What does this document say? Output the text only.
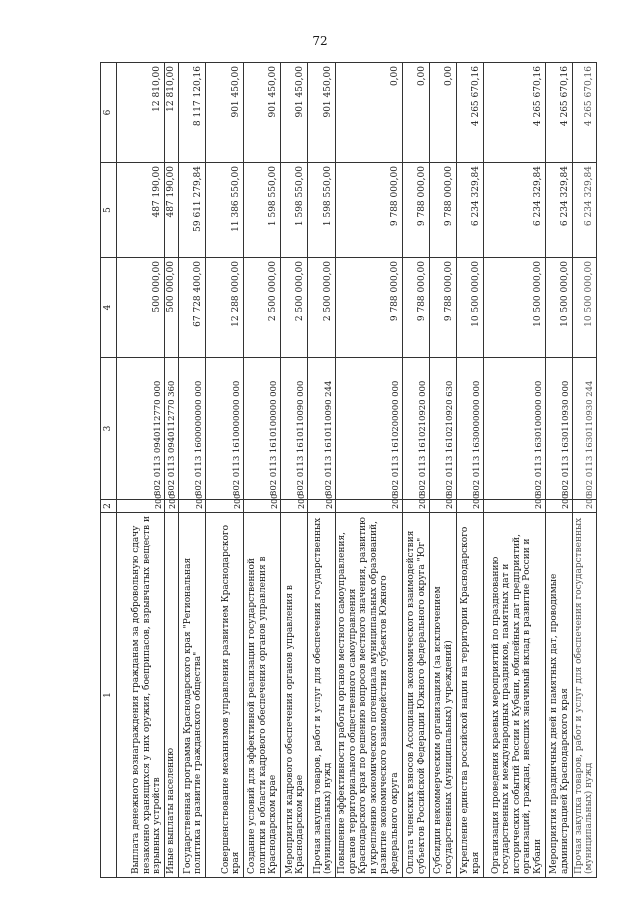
72
1	2	3	4	5	6
Выплата денежного вознаграждения гражданам за добровольную сдачу незаконно хранящихся у них оружия, боеприпасов, взрывчатых веществ и взрывных устройств	200	802 0113 0940112770 000	500 000,00	487 190,00	12 810,00
Иные выплаты населению	200	802 0113 0940112770 360	500 000,00	487 190,00	12 810,00
Государственная программа Краснодарского края "Региональная политика и развитие гражданского общества"	200	802 0113 1600000000 000	67 728 400,00	59 611 279,84	8 117 120,16
Совершенствование механизмов управления развитием Краснодарского края	200	802 0113 1610000000 000	12 288 000,00	11 386 550,00	901 450,00
Создание условий для эффективной реализации государственной политики в области кадрового обеспечения органов управления в Краснодарском крае	200	802 0113 1610100000 000	2 500 000,00	1 598 550,00	901 450,00
Мероприятия кадрового обеспечения органов управления в Краснодарском крае	200	802 0113 1610110090 000	2 500 000,00	1 598 550,00	901 450,00
Прочая закупка товаров, работ и услуг для обеспечения государственных (муниципальных) нужд	200	802 0113 1610110090 244	2 500 000,00	1 598 550,00	901 450,00
Повышение эффективности работы органов местного самоуправления, органов территориального общественного самоуправления Краснодарского края по решению вопросов местного значения, развитию и укреплению экономического потенциала муниципальных образований, развитие экономического взаимодействия субъектов Южного федерального округа	200	802 0113 1610200000 000	9 788 000,00	9 788 000,00	0,00
Оплата членских взносов Ассоциации экономического взаимодействия субъектов Российской Федерации Южного федерального округа "Юг"	200	802 0113 1610210920 000	9 788 000,00	9 788 000,00	0,00
Субсидии некоммерческим организациям (за исключением государственных (муниципальных) учреждений)	200	802 0113 1610210920 630	9 788 000,00	9 788 000,00	0,00
Укрепление единства российской нации на территории Краснодарского края	200	802 0113 1630000000 000	10 500 000,00	6 234 329,84	4 265 670,16
Организация проведения краевых мероприятий по празднованию государственных и международных праздников, памятных дат и исторических событий России и Кубани, юбилейных дат предприятий, организаций, граждан, внесших значимый вклад в развитие России и Кубани	200	802 0113 1630100000 000	10 500 000,00	6 234 329,84	4 265 670,16
Мероприятия праздничных дней и памятных дат, проводимые администрацией Краснодарского края	200	802 0113 1630110930 000	10 500 000,00	6 234 329,84	4 265 670,16
Прочая закупка товаров, работ и услуг для обеспечения государственных (муниципальных) нужд	200	802 0113 1630110930 244	10 500 000,00	6 234 329,84	4 265 670,16
